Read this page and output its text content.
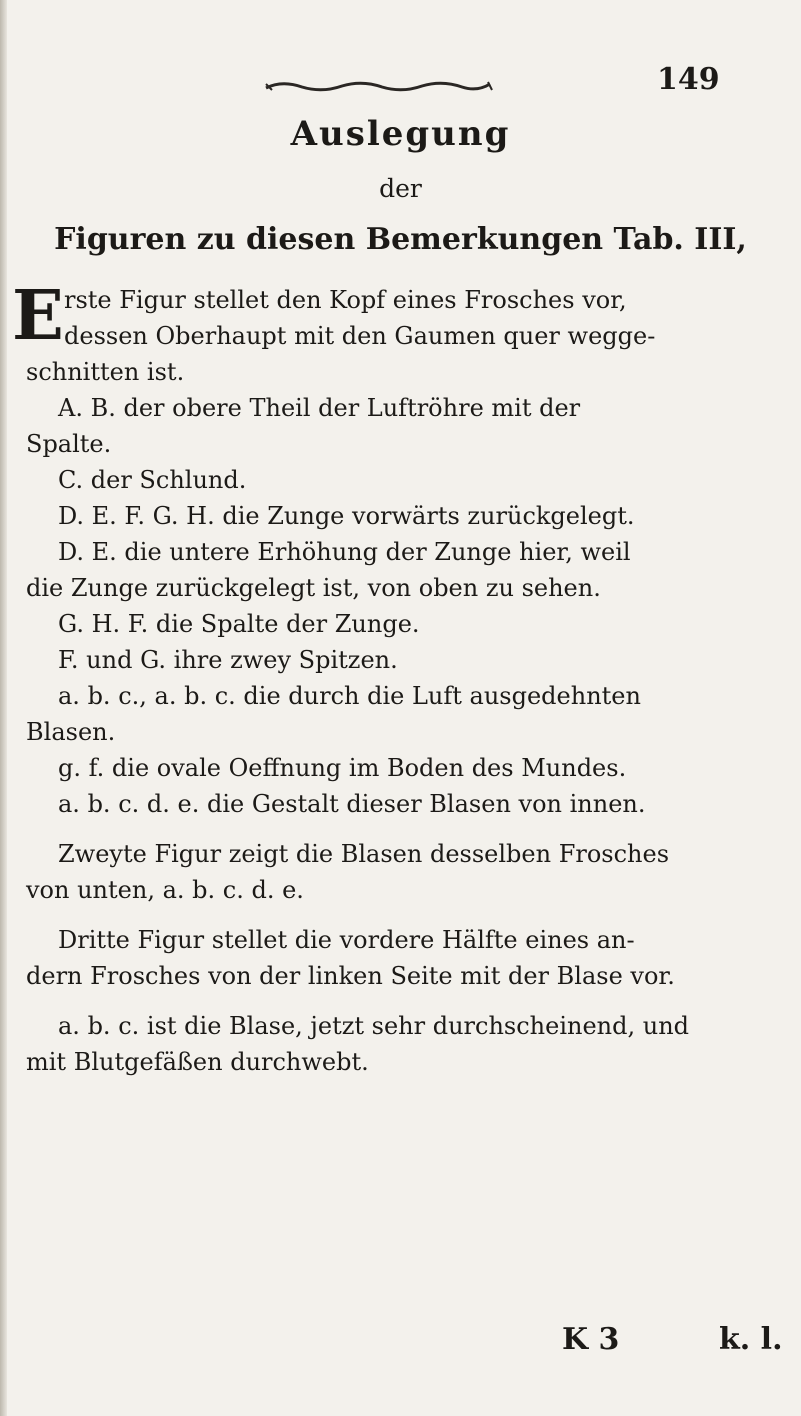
149
Auslegung
der
Figuren zu diesen Bemerkungen Tab. III,
E rste Figur stellet den Kopf eines Frosches vor,
dessen Oberhaupt mit den Gaumen quer wegge-
schnitten ist.
A. B. der obere Theil der Luftröhre mit der
Spalte.
C. der Schlund.
D. E. F. G. H. die Zunge vorwärts zurückgelegt.
D. E. die untere Erhöhung der Zunge hier, weil
die Zunge zurückgelegt ist, von oben zu sehen.
G. H. F. die Spalte der Zunge.
F. und G. ihre zwey Spitzen.
a. b. c., a. b. c. die durch die Luft ausgedehnten
Blasen.
g. f. die ovale Oeffnung im Boden des Mundes.
a. b. c. d. e. die Gestalt dieser Blasen von innen.
Zweyte Figur zeigt die Blasen desselben Frosches
von unten, a. b. c. d. e.
Dritte Figur stellet die vordere Hälfte eines an-
dern Frosches von der linken Seite mit der Blase vor.
a. b. c. ist die Blase, jetzt sehr durchscheinend, und
mit Blutgefäßen durchwebt.
K 3	k. l.
